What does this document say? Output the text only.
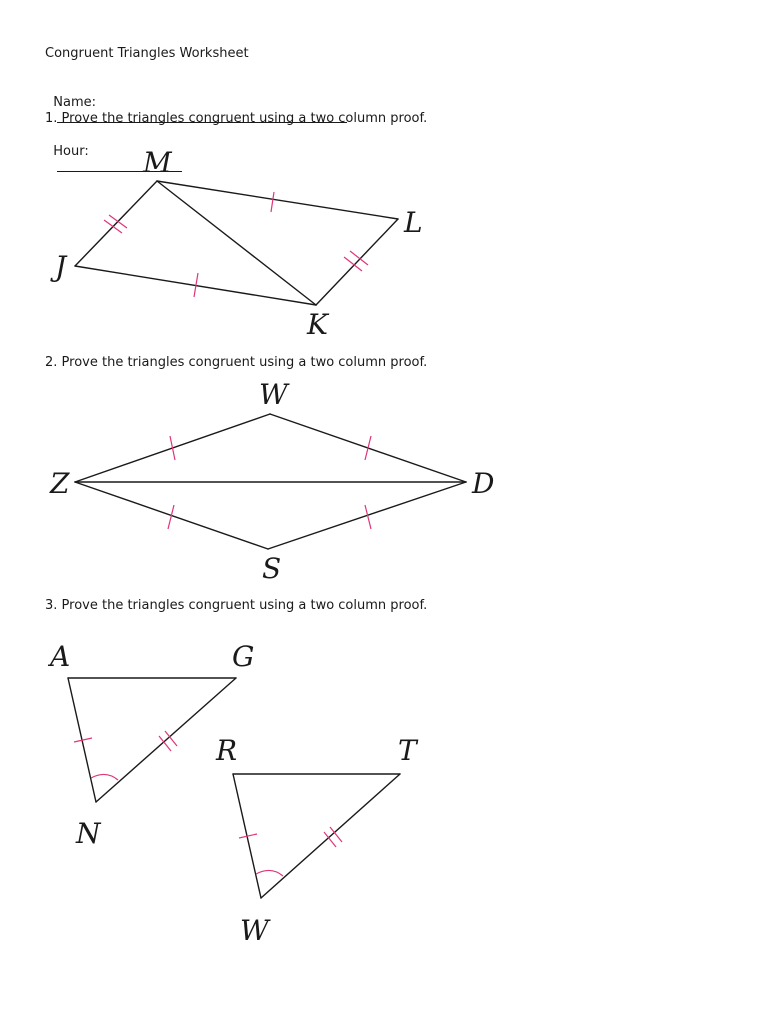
Congruent Triangles Worksheet

Name:

Hour:

1. Prove the triangles congruent using a two column proof.
M
L
J
K
2. Prove the triangles congruent using a two column proof.
W
Z	D
S
3. Prove the triangles congruent using a two column proof.
A	G
N
R	T
W
